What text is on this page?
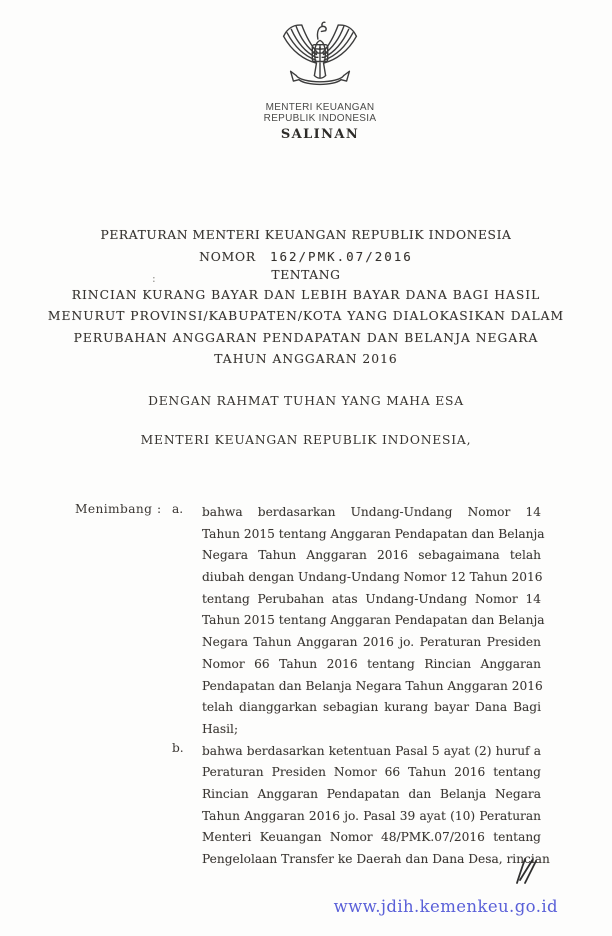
MENTERI KEUANGAN
REPUBLIK INDONESIA
SALINAN
PERATURAN MENTERI KEUANGAN REPUBLIK INDONESIA
NOMOR 162/PMK.07/2016
TENTANG
RINCIAN KURANG BAYAR DAN LEBIH BAYAR DANA BAGI HASIL
MENURUT PROVINSI/KABUPATEN/KOTA YANG DIALOKASIKAN DALAM
PERUBAHAN ANGGARAN PENDAPATAN DAN BELANJA NEGARA
TAHUN ANGGARAN 2016
DENGAN RAHMAT TUHAN YANG MAHA ESA
MENTERI KEUANGAN REPUBLIK INDONESIA,
Menimbang : a.
b.
bahwa berdasarkan Undang-Undang Nomor 14
Tahun 2015 tentang Anggaran Pendapatan dan Belanja
Negara Tahun Anggaran 2016 sebagaimana telah
diubah dengan Undang-Undang Nomor 12 Tahun 2016
tentang Perubahan atas Undang-Undang Nomor 14
Tahun 2015 tentang Anggaran Pendapatan dan Belanja
Negara Tahun Anggaran 2016 jo. Peraturan Presiden
Nomor 66 Tahun 2016 tentang Rincian Anggaran
Pendapatan dan Belanja Negara Tahun Anggaran 2016
telah dianggarkan sebagian kurang bayar Dana Bagi
Hasil;
bahwa berdasarkan ketentuan Pasal 5 ayat (2) huruf a
Peraturan Presiden Nomor 66 Tahun 2016 tentang
Rincian Anggaran Pendapatan dan Belanja Negara
Tahun Anggaran 2016 jo. Pasal 39 ayat (10) Peraturan
Menteri Keuangan Nomor 48/PMK.07/2016 tentang
Pengelolaan Transfer ke Daerah dan Dana Desa, rincian
:
www.jdih.kemenkeu.go.id
